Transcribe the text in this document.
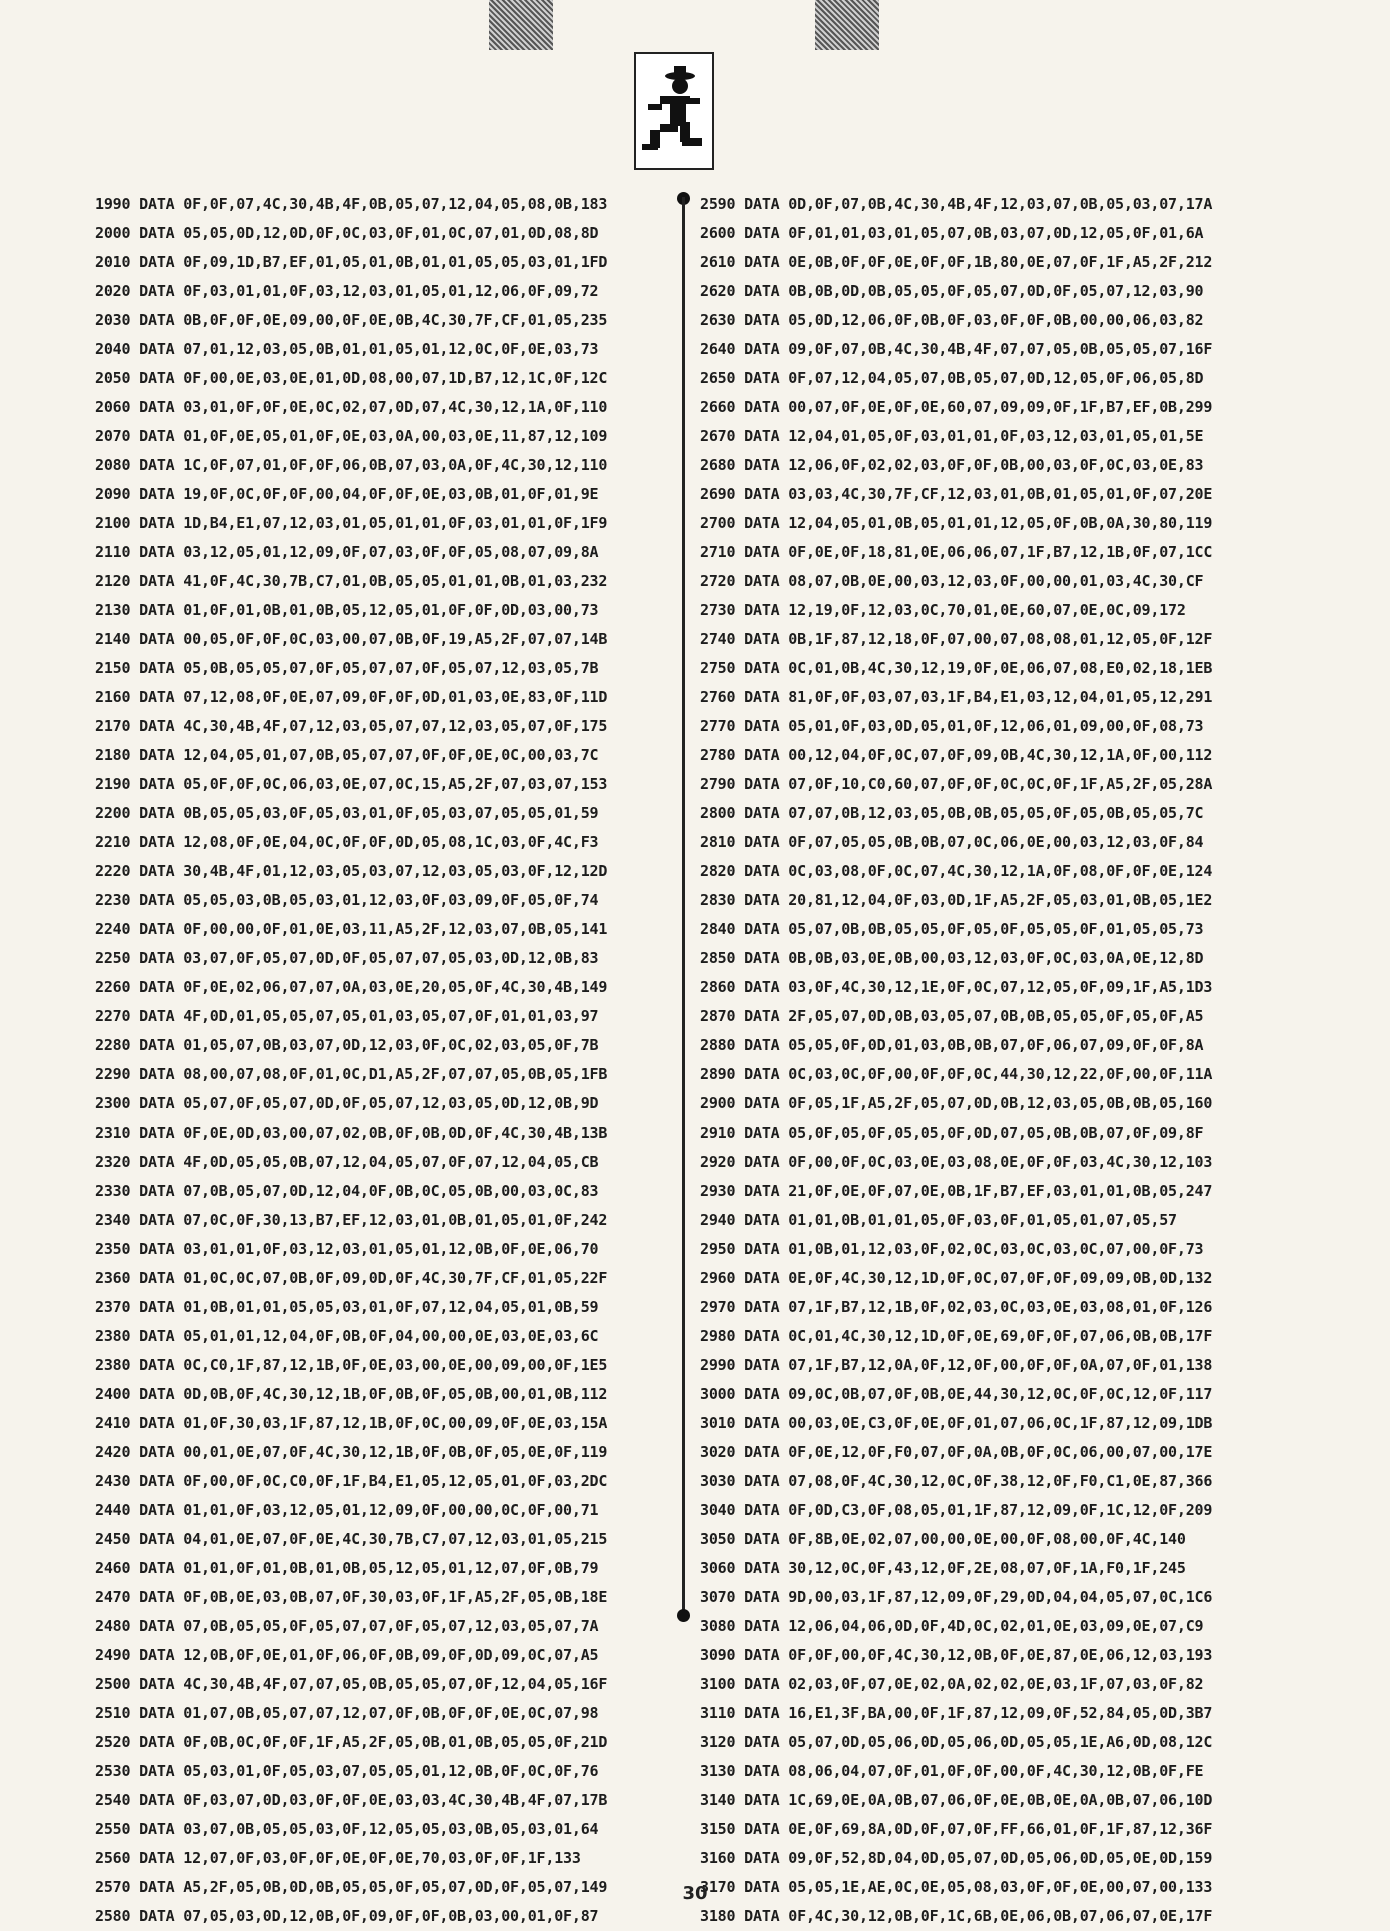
1990 DATA 0F,0F,07,4C,30,4B,4F,0B,05,07,12,04,05,08,0B,183
2000 DATA 05,05,0D,12,0D,0F,0C,03,0F,01,0C,07,01,0D,08,8D
2010 DATA 0F,09,1D,B7,EF,01,05,01,0B,01,01,05,05,03,01,1FD
2020 DATA 0F,03,01,01,0F,03,12,03,01,05,01,12,06,0F,09,72
2030 DATA 0B,0F,0F,0E,09,00,0F,0E,0B,4C,30,7F,CF,01,05,235
2040 DATA 07,01,12,03,05,0B,01,01,05,01,12,0C,0F,0E,03,73
2050 DATA 0F,00,0E,03,0E,01,0D,08,00,07,1D,B7,12,1C,0F,12C
2060 DATA 03,01,0F,0F,0E,0C,02,07,0D,07,4C,30,12,1A,0F,110
2070 DATA 01,0F,0E,05,01,0F,0E,03,0A,00,03,0E,11,87,12,109
2080 DATA 1C,0F,07,01,0F,0F,06,0B,07,03,0A,0F,4C,30,12,110
2090 DATA 19,0F,0C,0F,0F,00,04,0F,0F,0E,03,0B,01,0F,01,9E
2100 DATA 1D,B4,E1,07,12,03,01,05,01,01,0F,03,01,01,0F,1F9
2110 DATA 03,12,05,01,12,09,0F,07,03,0F,0F,05,08,07,09,8A
2120 DATA 41,0F,4C,30,7B,C7,01,0B,05,05,01,01,0B,01,03,232
2130 DATA 01,0F,01,0B,01,0B,05,12,05,01,0F,0F,0D,03,00,73
2140 DATA 00,05,0F,0F,0C,03,00,07,0B,0F,19,A5,2F,07,07,14B
2150 DATA 05,0B,05,05,07,0F,05,07,07,0F,05,07,12,03,05,7B
2160 DATA 07,12,08,0F,0E,07,09,0F,0F,0D,01,03,0E,83,0F,11D
2170 DATA 4C,30,4B,4F,07,12,03,05,07,07,12,03,05,07,0F,175
2180 DATA 12,04,05,01,07,0B,05,07,07,0F,0F,0E,0C,00,03,7C
2190 DATA 05,0F,0F,0C,06,03,0E,07,0C,15,A5,2F,07,03,07,153
2200 DATA 0B,05,05,03,0F,05,03,01,0F,05,03,07,05,05,01,59
2210 DATA 12,08,0F,0E,04,0C,0F,0F,0D,05,08,1C,03,0F,4C,F3
2220 DATA 30,4B,4F,01,12,03,05,03,07,12,03,05,03,0F,12,12D
2230 DATA 05,05,03,0B,05,03,01,12,03,0F,03,09,0F,05,0F,74
2240 DATA 0F,00,00,0F,01,0E,03,11,A5,2F,12,03,07,0B,05,141
2250 DATA 03,07,0F,05,07,0D,0F,05,07,07,05,03,0D,12,0B,83
2260 DATA 0F,0E,02,06,07,07,0A,03,0E,20,05,0F,4C,30,4B,149
2270 DATA 4F,0D,01,05,05,07,05,01,03,05,07,0F,01,01,03,97
2280 DATA 01,05,07,0B,03,07,0D,12,03,0F,0C,02,03,05,0F,7B
2290 DATA 08,00,07,08,0F,01,0C,D1,A5,2F,07,07,05,0B,05,1FB
2300 DATA 05,07,0F,05,07,0D,0F,05,07,12,03,05,0D,12,0B,9D
2310 DATA 0F,0E,0D,03,00,07,02,0B,0F,0B,0D,0F,4C,30,4B,13B
2320 DATA 4F,0D,05,05,0B,07,12,04,05,07,0F,07,12,04,05,CB
2330 DATA 07,0B,05,07,0D,12,04,0F,0B,0C,05,0B,00,03,0C,83
2340 DATA 07,0C,0F,30,13,B7,EF,12,03,01,0B,01,05,01,0F,242
2350 DATA 03,01,01,0F,03,12,03,01,05,01,12,0B,0F,0E,06,70
2360 DATA 01,0C,0C,07,0B,0F,09,0D,0F,4C,30,7F,CF,01,05,22F
2370 DATA 01,0B,01,01,05,05,03,01,0F,07,12,04,05,01,0B,59
2380 DATA 05,01,01,12,04,0F,0B,0F,04,00,00,0E,03,0E,03,6C
2380 DATA 0C,C0,1F,87,12,1B,0F,0E,03,00,0E,00,09,00,0F,1E5
2400 DATA 0D,0B,0F,4C,30,12,1B,0F,0B,0F,05,0B,00,01,0B,112
2410 DATA 01,0F,30,03,1F,87,12,1B,0F,0C,00,09,0F,0E,03,15A
2420 DATA 00,01,0E,07,0F,4C,30,12,1B,0F,0B,0F,05,0E,0F,119
2430 DATA 0F,00,0F,0C,C0,0F,1F,B4,E1,05,12,05,01,0F,03,2DC
2440 DATA 01,01,0F,03,12,05,01,12,09,0F,00,00,0C,0F,00,71
2450 DATA 04,01,0E,07,0F,0E,4C,30,7B,C7,07,12,03,01,05,215
2460 DATA 01,01,0F,01,0B,01,0B,05,12,05,01,12,07,0F,0B,79
2470 DATA 0F,0B,0E,03,0B,07,0F,30,03,0F,1F,A5,2F,05,0B,18E
2480 DATA 07,0B,05,05,0F,05,07,07,0F,05,07,12,03,05,07,7A
2490 DATA 12,0B,0F,0E,01,0F,06,0F,0B,09,0F,0D,09,0C,07,A5
2500 DATA 4C,30,4B,4F,07,07,05,0B,05,05,07,0F,12,04,05,16F
2510 DATA 01,07,0B,05,07,07,12,07,0F,0B,0F,0F,0E,0C,07,98
2520 DATA 0F,0B,0C,0F,0F,1F,A5,2F,05,0B,01,0B,05,05,0F,21D
2530 DATA 05,03,01,0F,05,03,07,05,05,01,12,0B,0F,0C,0F,76
2540 DATA 0F,03,07,0D,03,0F,0F,0E,03,03,4C,30,4B,4F,07,17B
2550 DATA 03,07,0B,05,05,03,0F,12,05,05,03,0B,05,03,01,64
2560 DATA 12,07,0F,03,0F,0F,0E,0F,0E,70,03,0F,0F,1F,133
2570 DATA A5,2F,05,0B,0D,0B,05,05,0F,05,07,0D,0F,05,07,149
2580 DATA 07,05,03,0D,12,0B,0F,09,0F,0F,0B,03,00,01,0F,87
2590 DATA 0D,0F,07,0B,4C,30,4B,4F,12,03,07,0B,05,03,07,17A
2600 DATA 0F,01,01,03,01,05,07,0B,03,07,0D,12,05,0F,01,6A
2610 DATA 0E,0B,0F,0F,0E,0F,0F,1B,80,0E,07,0F,1F,A5,2F,212
2620 DATA 0B,0B,0D,0B,05,05,0F,05,07,0D,0F,05,07,12,03,90
2630 DATA 05,0D,12,06,0F,0B,0F,03,0F,0F,0B,00,00,06,03,82
2640 DATA 09,0F,07,0B,4C,30,4B,4F,07,07,05,0B,05,05,07,16F
2650 DATA 0F,07,12,04,05,07,0B,05,07,0D,12,05,0F,06,05,8D
2660 DATA 00,07,0F,0E,0F,0E,60,07,09,09,0F,1F,B7,EF,0B,299
2670 DATA 12,04,01,05,0F,03,01,01,0F,03,12,03,01,05,01,5E
2680 DATA 12,06,0F,02,02,03,0F,0F,0B,00,03,0F,0C,03,0E,83
2690 DATA 03,03,4C,30,7F,CF,12,03,01,0B,01,05,01,0F,07,20E
2700 DATA 12,04,05,01,0B,05,01,01,12,05,0F,0B,0A,30,80,119
2710 DATA 0F,0E,0F,18,81,0E,06,06,07,1F,B7,12,1B,0F,07,1CC
2720 DATA 08,07,0B,0E,00,03,12,03,0F,00,00,01,03,4C,30,CF
2730 DATA 12,19,0F,12,03,0C,70,01,0E,60,07,0E,0C,09,172
2740 DATA 0B,1F,87,12,18,0F,07,00,07,08,08,01,12,05,0F,12F
2750 DATA 0C,01,0B,4C,30,12,19,0F,0E,06,07,08,E0,02,18,1EB
2760 DATA 81,0F,0F,03,07,03,1F,B4,E1,03,12,04,01,05,12,291
2770 DATA 05,01,0F,03,0D,05,01,0F,12,06,01,09,00,0F,08,73
2780 DATA 00,12,04,0F,0C,07,0F,09,0B,4C,30,12,1A,0F,00,112
2790 DATA 07,0F,10,C0,60,07,0F,0F,0C,0C,0F,1F,A5,2F,05,28A
2800 DATA 07,07,0B,12,03,05,0B,0B,05,05,0F,05,0B,05,05,7C
2810 DATA 0F,07,05,05,0B,0B,07,0C,06,0E,00,03,12,03,0F,84
2820 DATA 0C,03,08,0F,0C,07,4C,30,12,1A,0F,08,0F,0F,0E,124
2830 DATA 20,81,12,04,0F,03,0D,1F,A5,2F,05,03,01,0B,05,1E2
2840 DATA 05,07,0B,0B,05,05,0F,05,0F,05,05,0F,01,05,05,73
2850 DATA 0B,0B,03,0E,0B,00,03,12,03,0F,0C,03,0A,0E,12,8D
2860 DATA 03,0F,4C,30,12,1E,0F,0C,07,12,05,0F,09,1F,A5,1D3
2870 DATA 2F,05,07,0D,0B,03,05,07,0B,0B,05,05,0F,05,0F,A5
2880 DATA 05,05,0F,0D,01,03,0B,0B,07,0F,06,07,09,0F,0F,8A
2890 DATA 0C,03,0C,0F,00,0F,0F,0C,44,30,12,22,0F,00,0F,11A
2900 DATA 0F,05,1F,A5,2F,05,07,0D,0B,12,03,05,0B,0B,05,160
2910 DATA 05,0F,05,0F,05,05,0F,0D,07,05,0B,0B,07,0F,09,8F
2920 DATA 0F,00,0F,0C,03,0E,03,08,0E,0F,0F,03,4C,30,12,103
2930 DATA 21,0F,0E,0F,07,0E,0B,1F,B7,EF,03,01,01,0B,05,247
2940 DATA 01,01,0B,01,01,05,0F,03,0F,01,05,01,07,05,57
2950 DATA 01,0B,01,12,03,0F,02,0C,03,0C,03,0C,07,00,0F,73
2960 DATA 0E,0F,4C,30,12,1D,0F,0C,07,0F,0F,09,09,0B,0D,132
2970 DATA 07,1F,B7,12,1B,0F,02,03,0C,03,0E,03,08,01,0F,126
2980 DATA 0C,01,4C,30,12,1D,0F,0E,69,0F,0F,07,06,0B,0B,17F
2990 DATA 07,1F,B7,12,0A,0F,12,0F,00,0F,0F,0A,07,0F,01,138
3000 DATA 09,0C,0B,07,0F,0B,0E,44,30,12,0C,0F,0C,12,0F,117
3010 DATA 00,03,0E,C3,0F,0E,0F,01,07,06,0C,1F,87,12,09,1DB
3020 DATA 0F,0E,12,0F,F0,07,0F,0A,0B,0F,0C,06,00,07,00,17E
3030 DATA 07,08,0F,4C,30,12,0C,0F,38,12,0F,F0,C1,0E,87,366
3040 DATA 0F,0D,C3,0F,08,05,01,1F,87,12,09,0F,1C,12,0F,209
3050 DATA 0F,8B,0E,02,07,00,00,0E,00,0F,08,00,0F,4C,140
3060 DATA 30,12,0C,0F,43,12,0F,2E,08,07,0F,1A,F0,1F,245
3070 DATA 9D,00,03,1F,87,12,09,0F,29,0D,04,04,05,07,0C,1C6
3080 DATA 12,06,04,06,0D,0F,4D,0C,02,01,0E,03,09,0E,07,C9
3090 DATA 0F,0F,00,0F,4C,30,12,0B,0F,0E,87,0E,06,12,03,193
3100 DATA 02,03,0F,07,0E,02,0A,02,02,0E,03,1F,07,03,0F,82
3110 DATA 16,E1,3F,BA,00,0F,1F,87,12,09,0F,52,84,05,0D,3B7
3120 DATA 05,07,0D,05,06,0D,05,06,0D,05,05,1E,A6,0D,08,12C
3130 DATA 08,06,04,07,0F,01,0F,0F,00,0F,4C,30,12,0B,0F,FE
3140 DATA 1C,69,0E,0A,0B,07,06,0F,0E,0B,0E,0A,0B,07,06,10D
3150 DATA 0E,0F,69,8A,0D,0F,07,0F,FF,66,01,0F,1F,87,12,36F
3160 DATA 09,0F,52,8D,04,0D,05,07,0D,05,06,0D,05,0E,0D,159
3170 DATA 05,05,1E,AE,0C,0E,05,08,03,0F,0F,0E,00,07,00,133
3180 DATA 0F,4C,30,12,0B,0F,1C,6B,0E,06,0B,07,06,07,0E,17F
30
